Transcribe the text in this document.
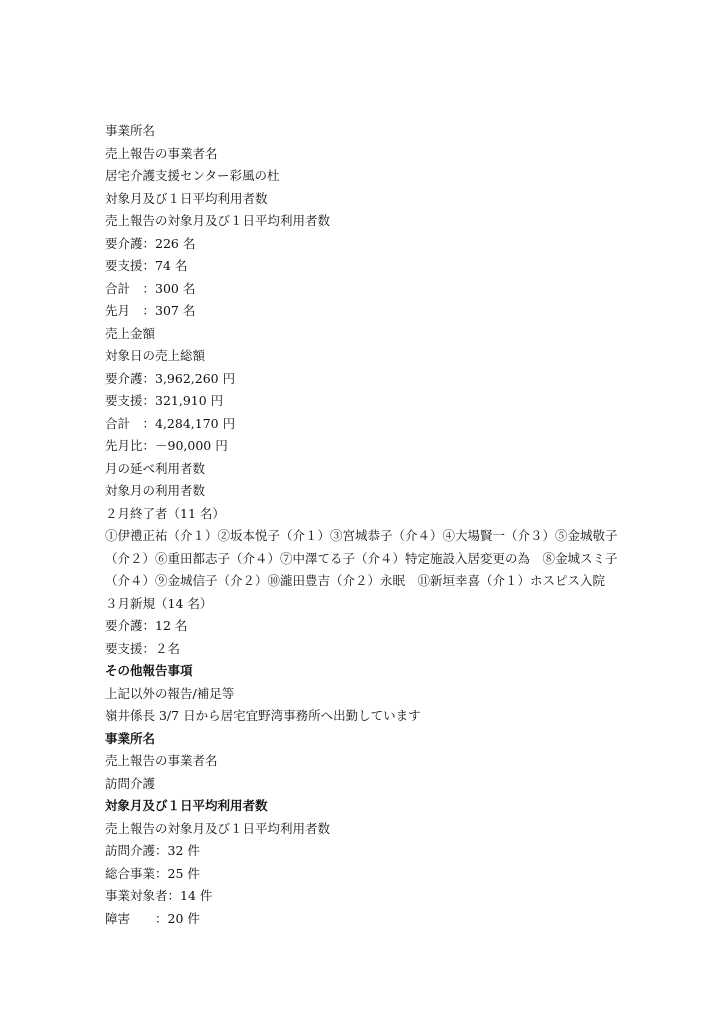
事業所名
売上報告の事業者名
居宅介護支援センター彩風の杜
対象月及び１日平均利用者数
売上報告の対象月及び１日平均利用者数
要介護：226 名
要支援：74 名
合計　：300 名
先月　：307 名
売上金額
対象日の売上総額
要介護：3,962,260 円
要支援：321,910 円
合計　：4,284,170 円
先月比：－90,000 円
月の延べ利用者数
対象月の利用者数
２月終了者（11 名）
①伊禮正祐（介１）②坂本悦子（介１）③宮城恭子（介４）④大場賢一（介３）⑤金城敬子（介２）⑥重田都志子（介４）⑦中澤てる子（介４）特定施設入居変更の為　⑧金城スミ子（介４）⑨金城信子（介２）⑩瀧田豊吉（介２）永眠　⑪新垣幸喜（介１）ホスピス入院
３月新規（14 名）
要介護：12 名
要支援：２名
その他報告事項
上記以外の報告/補足等
嶺井係長 3/7 日から居宅宜野湾事務所へ出勤しています
事業所名
売上報告の事業者名
訪問介護
対象月及び１日平均利用者数
売上報告の対象月及び１日平均利用者数
訪問介護：32 件
総合事業：25 件
事業対象者：14 件
障害　　：20 件
